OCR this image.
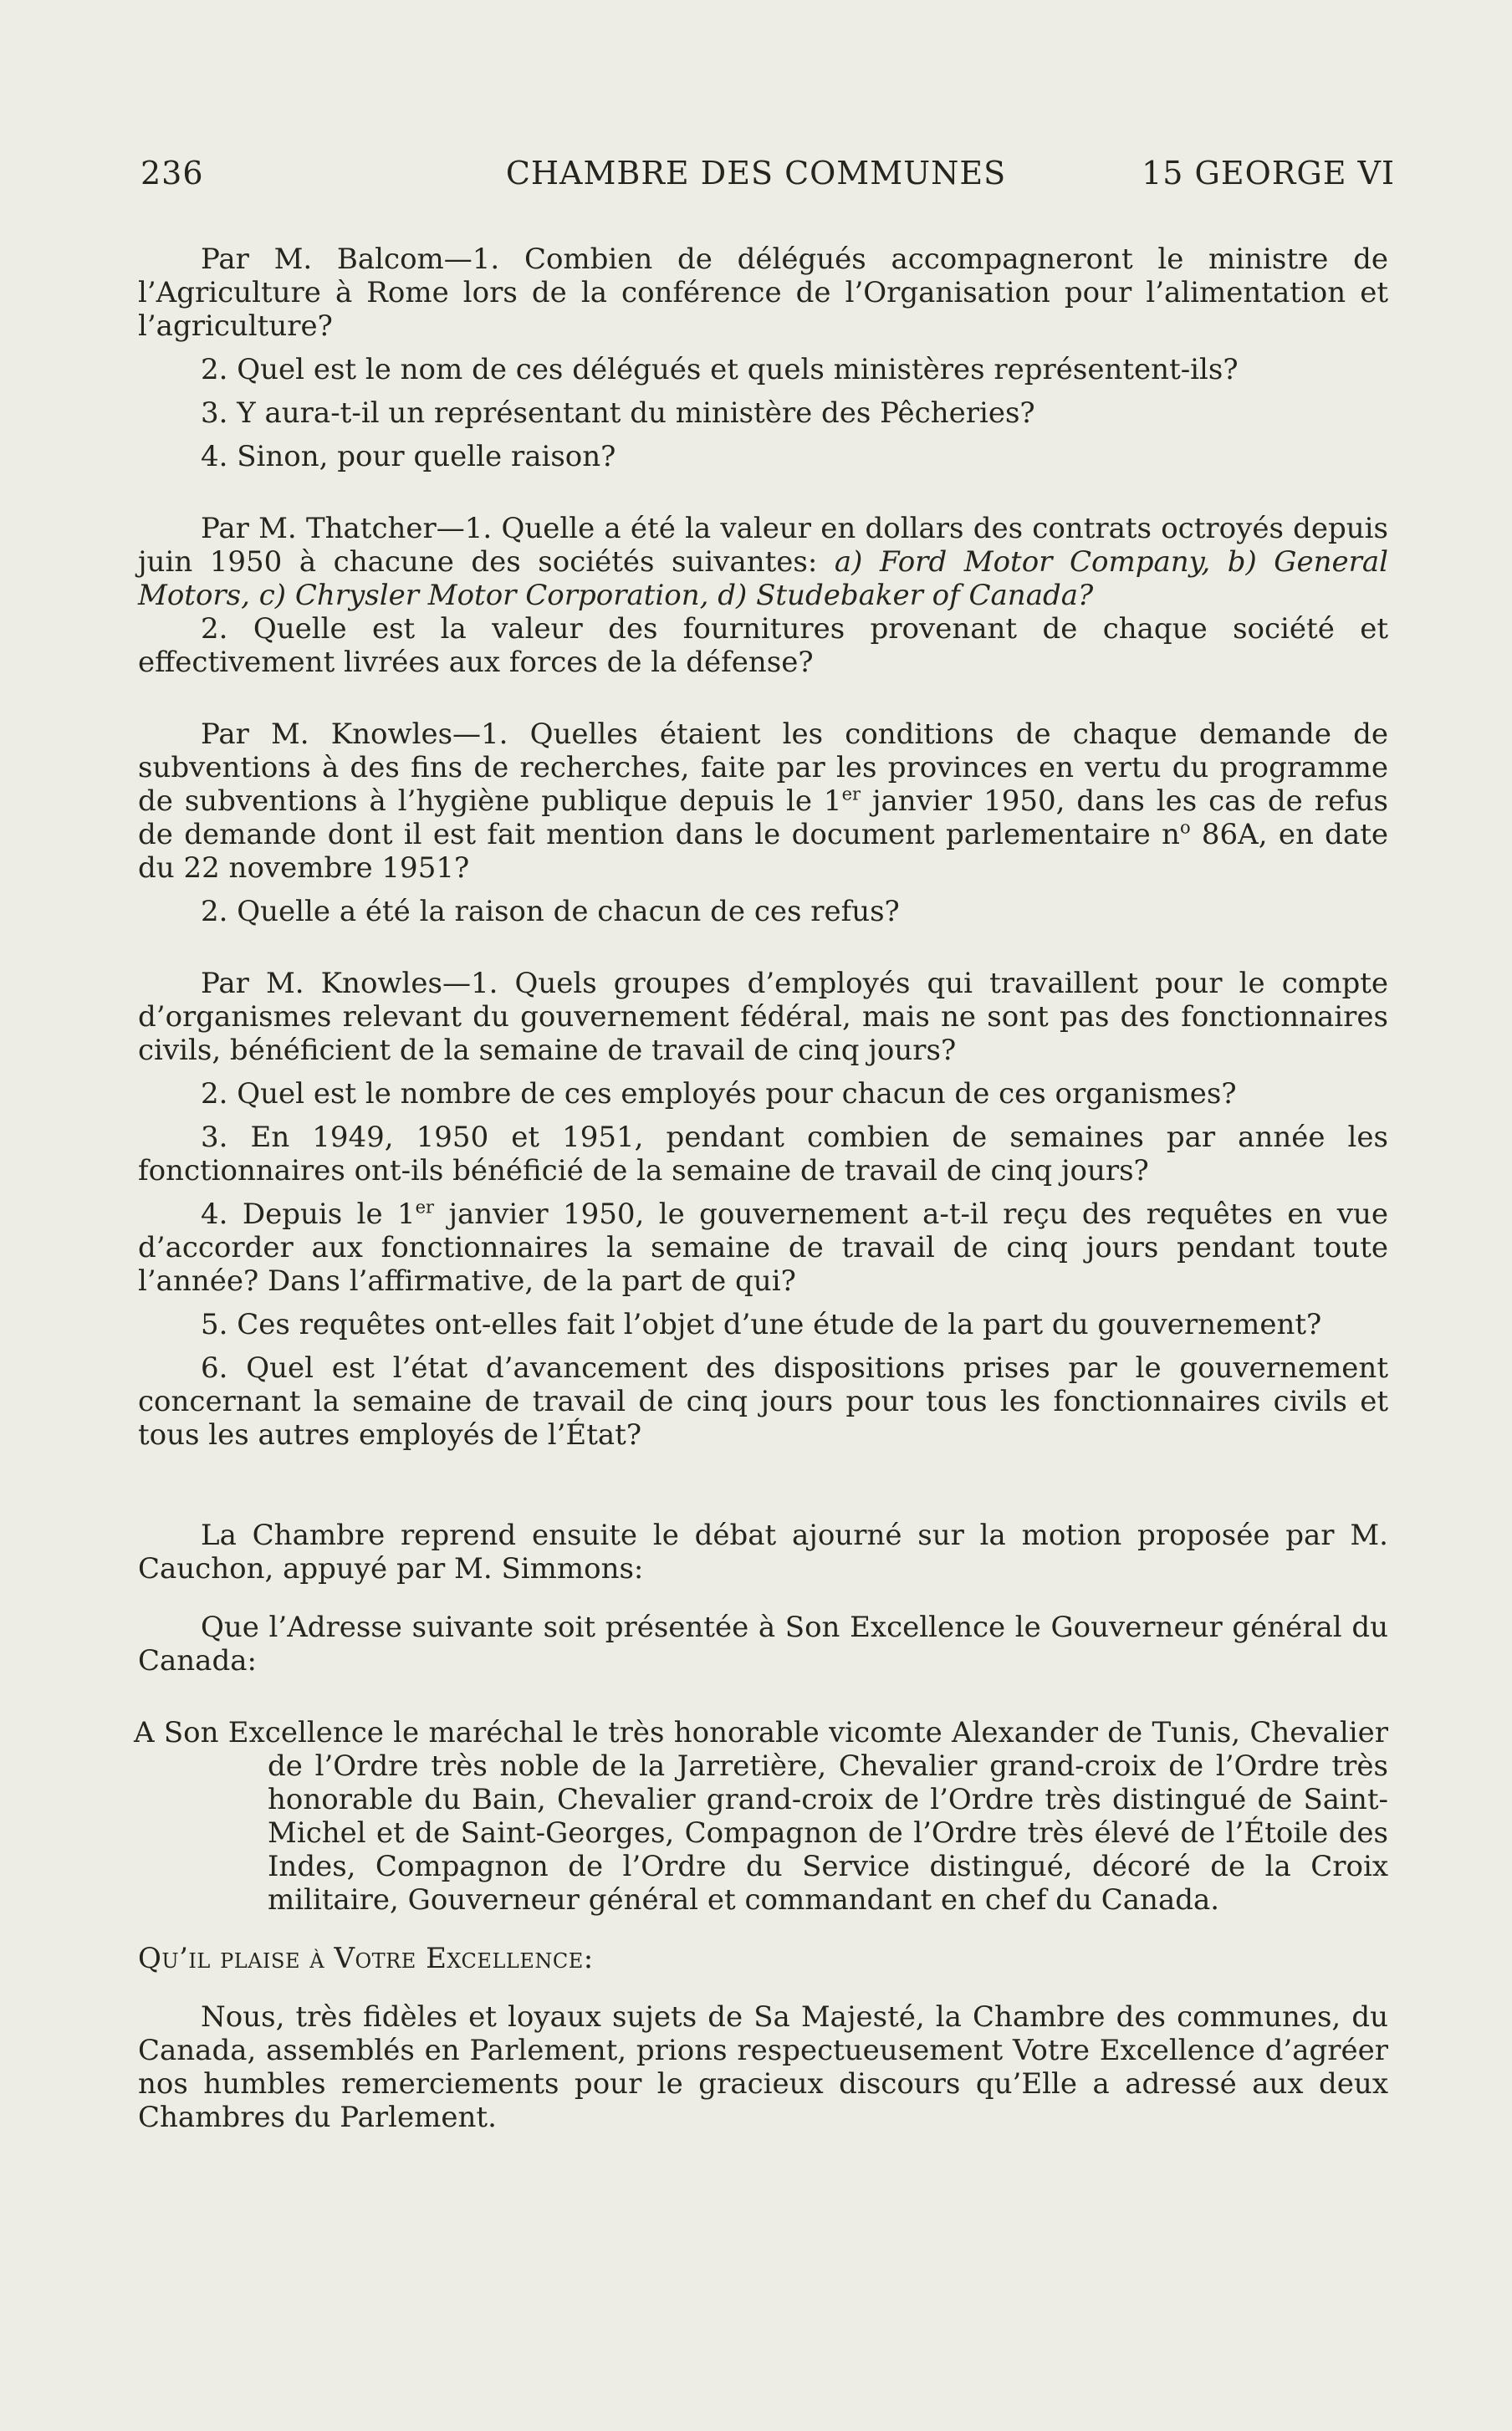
236	CHAMBRE DES COMMUNES	15 GEORGE VI

Par M. Balcom—1. Combien de délégués accompagneront le ministre de l’Agriculture à Rome lors de la conférence de l’Organisation pour l’alimentation et l’agriculture?

2. Quel est le nom de ces délégués et quels ministères représentent-ils?

3. Y aura-t-il un représentant du ministère des Pêcheries?

4. Sinon, pour quelle raison?

Par M. Thatcher—1. Quelle a été la valeur en dollars des contrats octroyés depuis juin 1950 à chacune des sociétés suivantes: a) Ford Motor Company, b) General Motors, c) Chrysler Motor Corporation, d) Studebaker of Canada?

2. Quelle est la valeur des fournitures provenant de chaque société et effectivement livrées aux forces de la défense?

Par M. Knowles—1. Quelles étaient les conditions de chaque demande de subventions à des fins de recherches, faite par les provinces en vertu du programme de subventions à l’hygiène publique depuis le 1er janvier 1950, dans les cas de refus de demande dont il est fait mention dans le document parlementaire $n^o$ 86A, en date du 22 novembre 1951?

2. Quelle a été la raison de chacun de ces refus?

Par M. Knowles—1. Quels groupes d’employés qui travaillent pour le compte d’organismes relevant du gouvernement fédéral, mais ne sont pas des fonctionnaires civils, bénéficient de la semaine de travail de cinq jours?

2. Quel est le nombre de ces employés pour chacun de ces organismes?

3. En 1949, 1950 et 1951, pendant combien de semaines par année les fonctionnaires ont-ils bénéficié de la semaine de travail de cinq jours?

4. Depuis le 1er janvier 1950, le gouvernement a-t-il reçu des requêtes en vue d’accorder aux fonctionnaires la semaine de travail de cinq jours pendant toute l’année? Dans l’affirmative, de la part de qui?

5. Ces requêtes ont-elles fait l’objet d’une étude de la part du gouvernement?

6. Quel est l’état d’avancement des dispositions prises par le gouvernement concernant la semaine de travail de cinq jours pour tous les fonctionnaires civils et tous les autres employés de l’État?

La Chambre reprend ensuite le débat ajourné sur la motion proposée par M. Cauchon, appuyé par M. Simmons:

Que l’Adresse suivante soit présentée à Son Excellence le Gouverneur général du Canada:

A Son Excellence le maréchal le très honorable vicomte Alexander de Tunis, Chevalier de l’Ordre très noble de la Jarretière, Chevalier grand-croix de l’Ordre très honorable du Bain, Chevalier grand-croix de l’Ordre très distingué de Saint-Michel et de Saint-Georges, Compagnon de l’Ordre très élevé de l’Étoile des Indes, Compagnon de l’Ordre du Service distingué, décoré de la Croix militaire, Gouverneur général et commandant en chef du Canada.

Qu’il plaise à Votre Excellence:

Nous, très fidèles et loyaux sujets de Sa Majesté, la Chambre des communes, du Canada, assemblés en Parlement, prions respectueusement Votre Excellence d’agréer nos humbles remerciements pour le gracieux discours qu’Elle a adressé aux deux Chambres du Parlement.
